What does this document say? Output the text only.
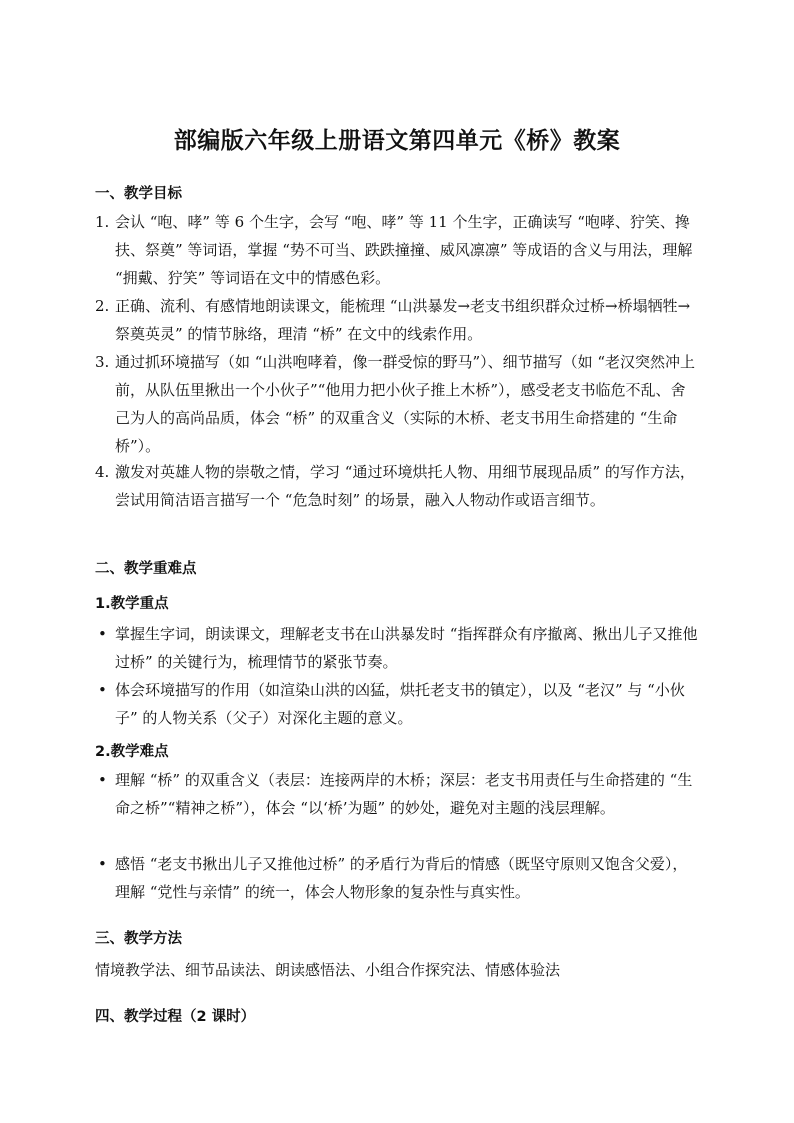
部编版六年级上册语文第四单元《桥》教案
一、教学目标
1. 会认 “咆、哮” 等 6 个生字，会写 “咆、哮” 等 11 个生字，正确读写 “咆哮、狞笑、搀扶、祭奠” 等词语，掌握 “势不可当、跌跌撞撞、威风凛凛” 等成语的含义与用法，理解 “拥戴、狞笑” 等词语在文中的情感色彩。
2. 正确、流利、有感情地朗读课文，能梳理 “山洪暴发→老支书组织群众过桥→桥塌牺牲→祭奠英灵” 的情节脉络，理清 “桥” 在文中的线索作用。
3. 通过抓环境描写（如 “山洪咆哮着，像一群受惊的野马”）、细节描写（如 “老汉突然冲上前，从队伍里揪出一个小伙子”“他用力把小伙子推上木桥”），感受老支书临危不乱、舍己为人的高尚品质，体会 “桥” 的双重含义（实际的木桥、老支书用生命搭建的 “生命桥”）。
4. 激发对英雄人物的崇敬之情，学习 “通过环境烘托人物、用细节展现品质” 的写作方法，尝试用简洁语言描写一个 “危急时刻” 的场景，融入人物动作或语言细节。
二、教学重难点
1.教学重点
• 掌握生字词，朗读课文，理解老支书在山洪暴发时 “指挥群众有序撤离、揪出儿子又推他过桥” 的关键行为，梳理情节的紧张节奏。
• 体会环境描写的作用（如渲染山洪的凶猛，烘托老支书的镇定），以及 “老汉” 与 “小伙子” 的人物关系（父子）对深化主题的意义。
2.教学难点
• 理解 “桥” 的双重含义（表层：连接两岸的木桥；深层：老支书用责任与生命搭建的 “生命之桥”“精神之桥”），体会 “以‘桥’为题” 的妙处，避免对主题的浅层理解。
• 感悟 “老支书揪出儿子又推他过桥” 的矛盾行为背后的情感（既坚守原则又饱含父爱），理解 “党性与亲情” 的统一，体会人物形象的复杂性与真实性。
三、教学方法
情境教学法、细节品读法、朗读感悟法、小组合作探究法、情感体验法
四、教学过程（2 课时）
